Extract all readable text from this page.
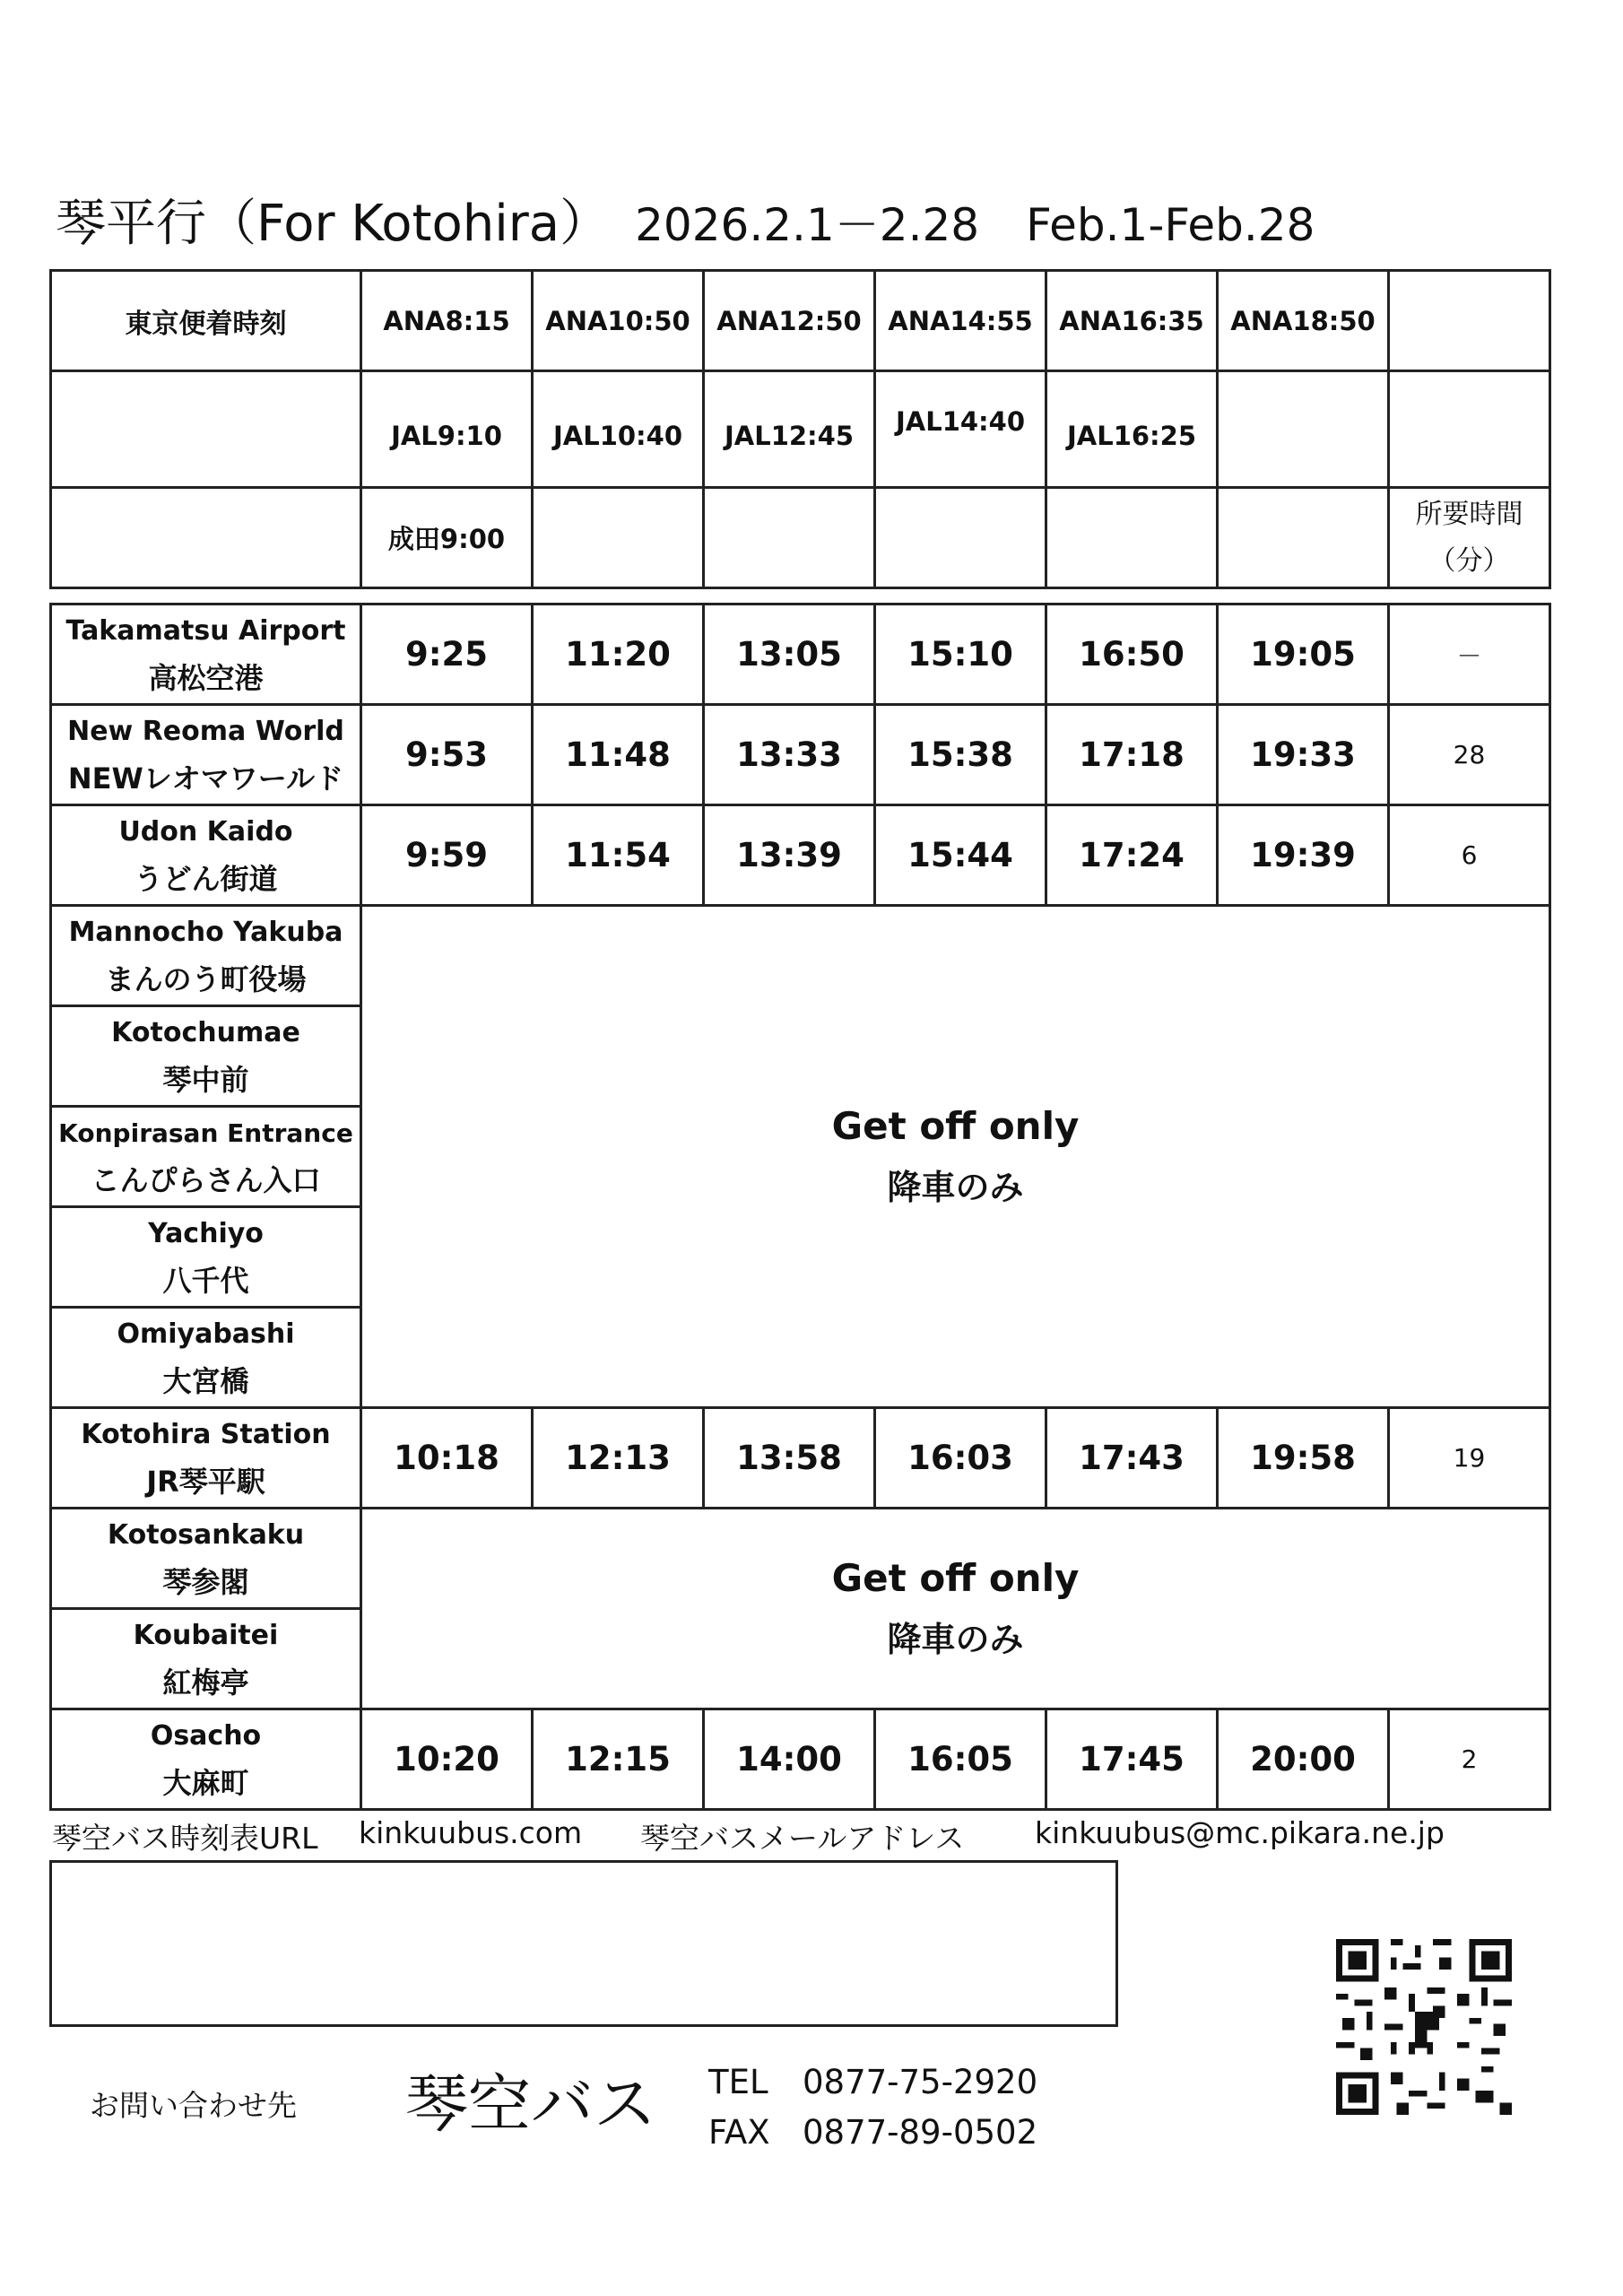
琴平行（For Kotohira） 2026.2.1－2.28 Feb.1-Feb.28
東京便着時刻	ANA8:15	ANA10:50	ANA12:50	ANA14:55	ANA16:35	ANA18:50	
	JAL9:10	JAL10:40	JAL12:45	JAL14:40	JAL16:25		
	成田9:00						所要時間
（分）
Takamatsu Airport
高松空港	9:25	11:20	13:05	15:10	16:50	19:05	－

New Reoma World
NEWレオマワールド	9:53	11:48	13:33	15:38	17:18	19:33	28

Udon Kaido
うどん街道	9:59	11:54	13:39	15:44	17:24	19:39	6

Mannocho Yakuba
まんのう町役場	Get off only
降車のみ						

Kotochumae
琴中前							

Konpirasan Entrance
こんぴらさん入口							

Yachiyo
八千代							

Omiyabashi
大宮橋							

Kotohira Station
JR琴平駅	10:18	12:13	13:58	16:03	17:43	19:58	19

Kotosankaku
琴参閣	Get off only
降車のみ						

Koubaitei
紅梅亭							

Osacho
大麻町	10:20	12:15	14:00	16:05	17:45	20:00	2
琴空バス時刻表URL kinkuubus.com 琴空バスメールアドレス kinkuubus@mc.pikara.ne.jp
お問い合わせ先 琴空バス TEL 0877-75-2920
FAX 0877-89-0502
